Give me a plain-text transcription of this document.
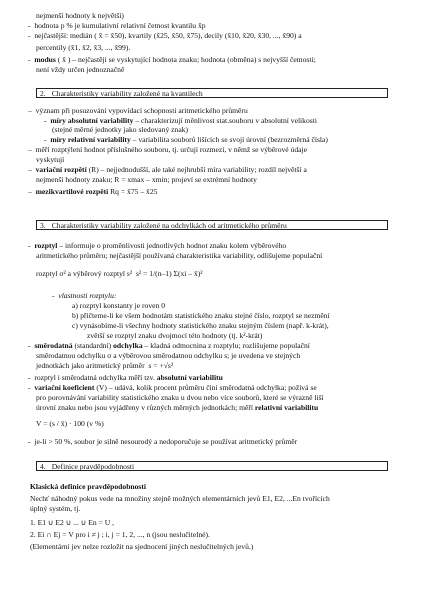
nejmenší hodnoty k největší)
-  hodnota p % je kumulativní relativní četnost kvantilu x̃p
-  nejčastější: medián ( x̃ = x̃50), kvartily (x̃25, x̃50, x̃75), decily (x̃10, x̃20, x̃30, ..., x̃90) a
percentily (x̃1, x̃2, x̃3, ..., x̃99).
-  modus ( x̂ ) – nejčastěji se vyskytující hodnota znaku; hodnota (obměna) s nejvyšší četností;
není vždy určen jednoznačně
2. Charakteristiky variability založené na kvantilech
–  význam při posuzování vypovídací schopnosti aritmetického průměru
-  míry absolutní variability – charakterizují měnlivost stat.souboru v absolutní velikosti
(stejné měrné jednotky jako sledovaný znak)
-  míry relativní variability – variabilita souborů lišících se svojí úrovní (bezrozměrná čísla)
–  měří rozptýlení hodnot příslušného souboru, tj. určují rozmezí, v němž se výběrové údaje
vyskytují
–  variační rozpětí (R) – nejjednodušší, ale také nejhrubší míra variability; rozdíl největší a
nejmenší hodnoty znaku; R = xmax – xmin; projeví se extrémní hodnoty
–  mezikvartilové rozpětí Rq = x̃75 – x̃25
3. Charakteristiky variability založené na odchylkách od aritmetického průměru
-  rozptyl – informuje o proměnlivosti jednotlivých hodnot znaku kolem výběrového
aritmetického průměru; nejčastější používaná charakteristika variability, odlišujeme populační
rozptyl σ² a výběrový rozptyl s² s² = 1/(n–1) Σ(xi – x̄)²
-  vlastnosti rozptylu:
a) rozptyl konstanty je roven 0
b) přičteme-li ke všem hodnotám statistického znaku stejné číslo, rozptyl se nezmění
c) vynásobíme-li všechny hodnoty statistického znaku stejným číslem (např. k-krát),
zvětší se rozptyl znaku dvojmocí této hodnoty (tj. k²-krát)
-  směrodatná (standardní) odchylka – kladná odmocnina z rozptylu; rozlišujeme populační
směrodatnou odchylku σ a výběrovou směrodatnou odchylku s; je uvedena ve stejných
jednotkách jako aritmetický průměr s = +√s²
-  rozptyl i směrodatná odchylka měří tzv. absolutní variabilitu
-  variační koeficient (V) – udává, kolik procent průměru činí směrodatná odchylka; požívá se
pro porovnávání variability statistického znaku u dvou nebo více souborů, které se výrazně liší
úrovní znaku nebo jsou vyjádřeny v různých měrných jednotkách; měří relativní variabilitu
V = (s / x̄) · 100 (v %)
-  je-li > 50 %, soubor je silně nesourodý a nedoporučuje se používat aritmetický průměr
4. Definice pravděpodobnosti
Klasická definice pravděpodobnosti
Nechť náhodný pokus vede na množiny stejně možných elementárních jevů E1, E2, ...En tvořících
úplný systém, tj.
1. E1 ∪ E2 ∪ ... ∪ En = U ,
2. Ei ∩ Ej = V pro i ≠ j ; i, j = 1, 2, ..., n (jsou neslučitelné).
(Elementární jev nelze rozložit na sjednocení jiných neslučitelných jevů.)
